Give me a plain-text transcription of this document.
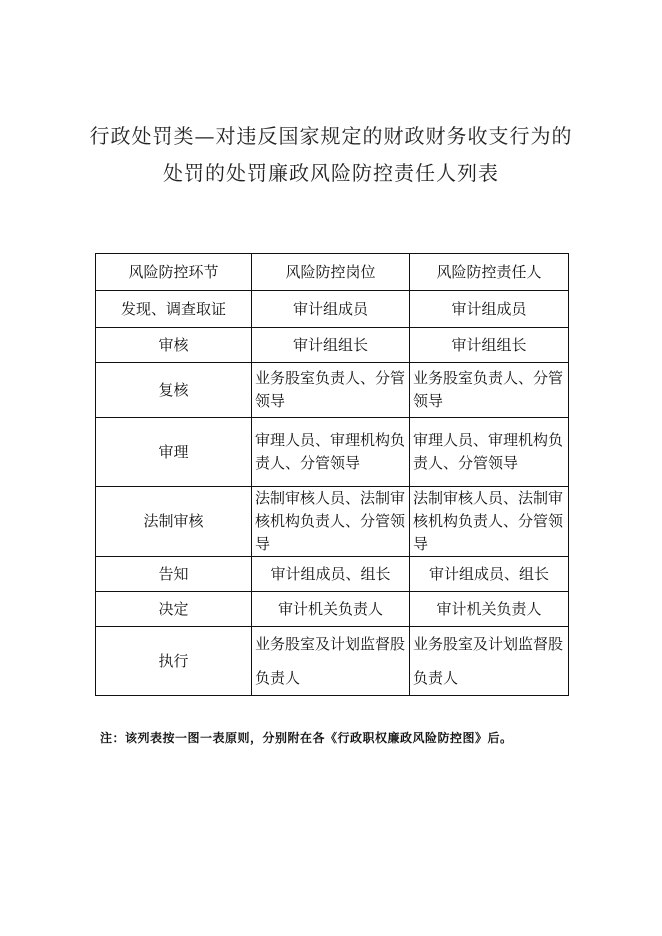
行政处罚类—对违反国家规定的财政财务收支行为的
处罚的处罚廉政风险防控责任人列表
风险防控环节	风险防控岗位	风险防控责任人
发现、调查取证	审计组成员	审计组成员
审核	审计组组长	审计组组长
复核	业务股室负责人、分管领导	业务股室负责人、分管领导
审理	审理人员、审理机构负责人、分管领导	审理人员、审理机构负责人、分管领导
法制审核	法制审核人员、法制审核机构负责人、分管领导	法制审核人员、法制审核机构负责人、分管领导
告知	审计组成员、组长	审计组成员、组长
决定	审计机关负责人	审计机关负责人
执行	业务股室及计划监督股负责人	业务股室及计划监督股负责人
注：该列表按一图一表原则，分别附在各《行政职权廉政风险防控图》后。
